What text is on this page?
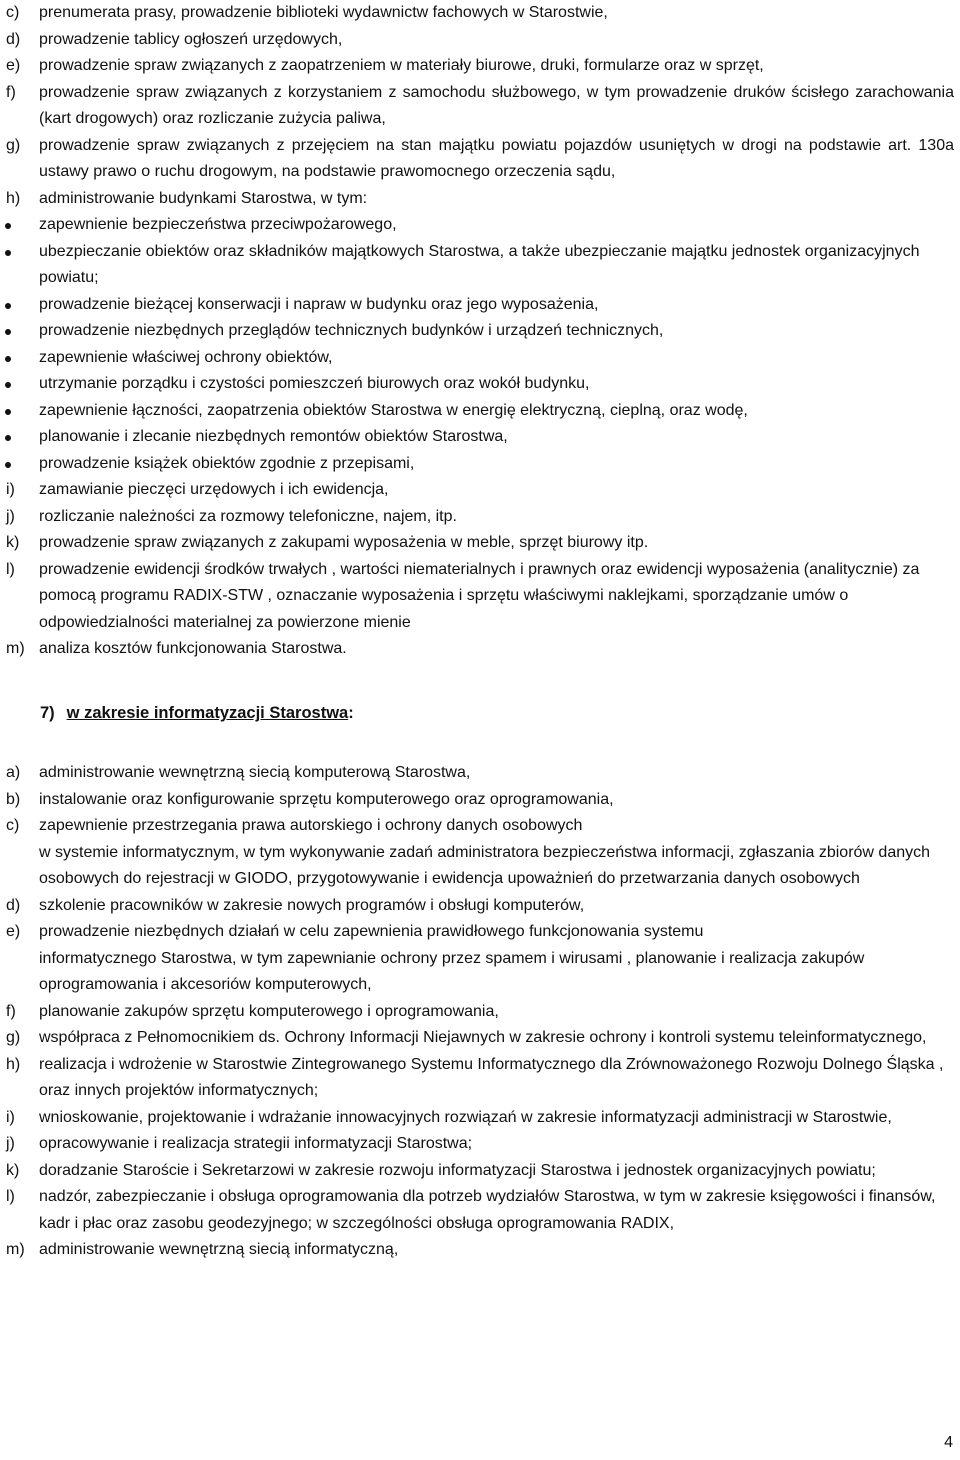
c) prenumerata prasy, prowadzenie biblioteki wydawnictw fachowych w Starostwie,
d) prowadzenie tablicy ogłoszeń urzędowych,
e) prowadzenie spraw związanych z zaopatrzeniem w materiały biurowe, druki, formularze oraz w sprzęt,
f) prowadzenie spraw związanych z korzystaniem z samochodu służbowego, w tym prowadzenie druków ścisłego zarachowania (kart drogowych) oraz rozliczanie zużycia paliwa,
g) prowadzenie spraw związanych z przejęciem na stan majątku powiatu pojazdów usuniętych w drogi na podstawie art. 130a ustawy prawo o ruchu drogowym, na podstawie prawomocnego orzeczenia sądu,
h) administrowanie budynkami Starostwa, w tym:
zapewnienie bezpieczeństwa przeciwpożarowego,
ubezpieczanie obiektów oraz składników majątkowych Starostwa, a także ubezpieczanie majątku jednostek organizacyjnych powiatu;
prowadzenie bieżącej konserwacji i napraw w budynku oraz jego wyposażenia,
prowadzenie niezbędnych przeglądów technicznych budynków i urządzeń technicznych,
zapewnienie właściwej ochrony obiektów,
utrzymanie porządku i czystości pomieszczeń biurowych oraz wokół budynku,
zapewnienie łączności, zaopatrzenia obiektów Starostwa w energię elektryczną, cieplną, oraz wodę,
planowanie i zlecanie niezbędnych remontów obiektów Starostwa,
prowadzenie książek obiektów zgodnie z przepisami,
i) zamawianie pieczęci urzędowych i ich ewidencja,
j) rozliczanie należności za rozmowy telefoniczne, najem, itp.
k) prowadzenie spraw związanych z zakupami wyposażenia w meble, sprzęt biurowy itp.
l) prowadzenie ewidencji środków trwałych , wartości niematerialnych i prawnych oraz ewidencji wyposażenia (analitycznie) za pomocą programu RADIX-STW , oznaczanie wyposażenia i sprzętu właściwymi naklejkami, sporządzanie umów o odpowiedzialności materialnej za powierzone mienie
m) analiza kosztów funkcjonowania Starostwa.
7) w zakresie informatyzacji Starostwa:
a) administrowanie wewnętrzną siecią komputerową Starostwa,
b) instalowanie oraz konfigurowanie sprzętu komputerowego oraz oprogramowania,
c) zapewnienie przestrzegania prawa autorskiego i ochrony danych osobowych
w systemie informatycznym, w tym wykonywanie zadań administratora bezpieczeństwa informacji, zgłaszania zbiorów danych osobowych do rejestracji w GIODO, przygotowywanie i ewidencja upoważnień do przetwarzania danych osobowych
d) szkolenie pracowników w zakresie nowych programów i obsługi komputerów,
e) prowadzenie niezbędnych działań w celu zapewnienia prawidłowego funkcjonowania systemu
informatycznego Starostwa, w tym zapewnianie ochrony przez spamem i wirusami , planowanie i realizacja zakupów oprogramowania i akcesoriów komputerowych,
f) planowanie zakupów sprzętu komputerowego i oprogramowania,
g) współpraca z Pełnomocnikiem ds. Ochrony Informacji Niejawnych w zakresie ochrony i kontroli systemu teleinformatycznego,
h) realizacja i wdrożenie w Starostwie Zintegrowanego Systemu Informatycznego dla Zrównoważonego Rozwoju Dolnego Śląska , oraz innych projektów informatycznych;
i) wnioskowanie, projektowanie i wdrażanie innowacyjnych rozwiązań w zakresie informatyzacji administracji w Starostwie,
j) opracowywanie i realizacja strategii informatyzacji Starostwa;
k) doradzanie Staroście i Sekretarzowi w zakresie rozwoju informatyzacji Starostwa i jednostek organizacyjnych powiatu;
l) nadzór, zabezpieczanie i obsługa oprogramowania dla potrzeb wydziałów Starostwa, w tym w zakresie księgowości i finansów, kadr i płac oraz zasobu geodezyjnego; w szczególności obsługa oprogramowania RADIX,
m) administrowanie wewnętrzną siecią informatyczną,
4
